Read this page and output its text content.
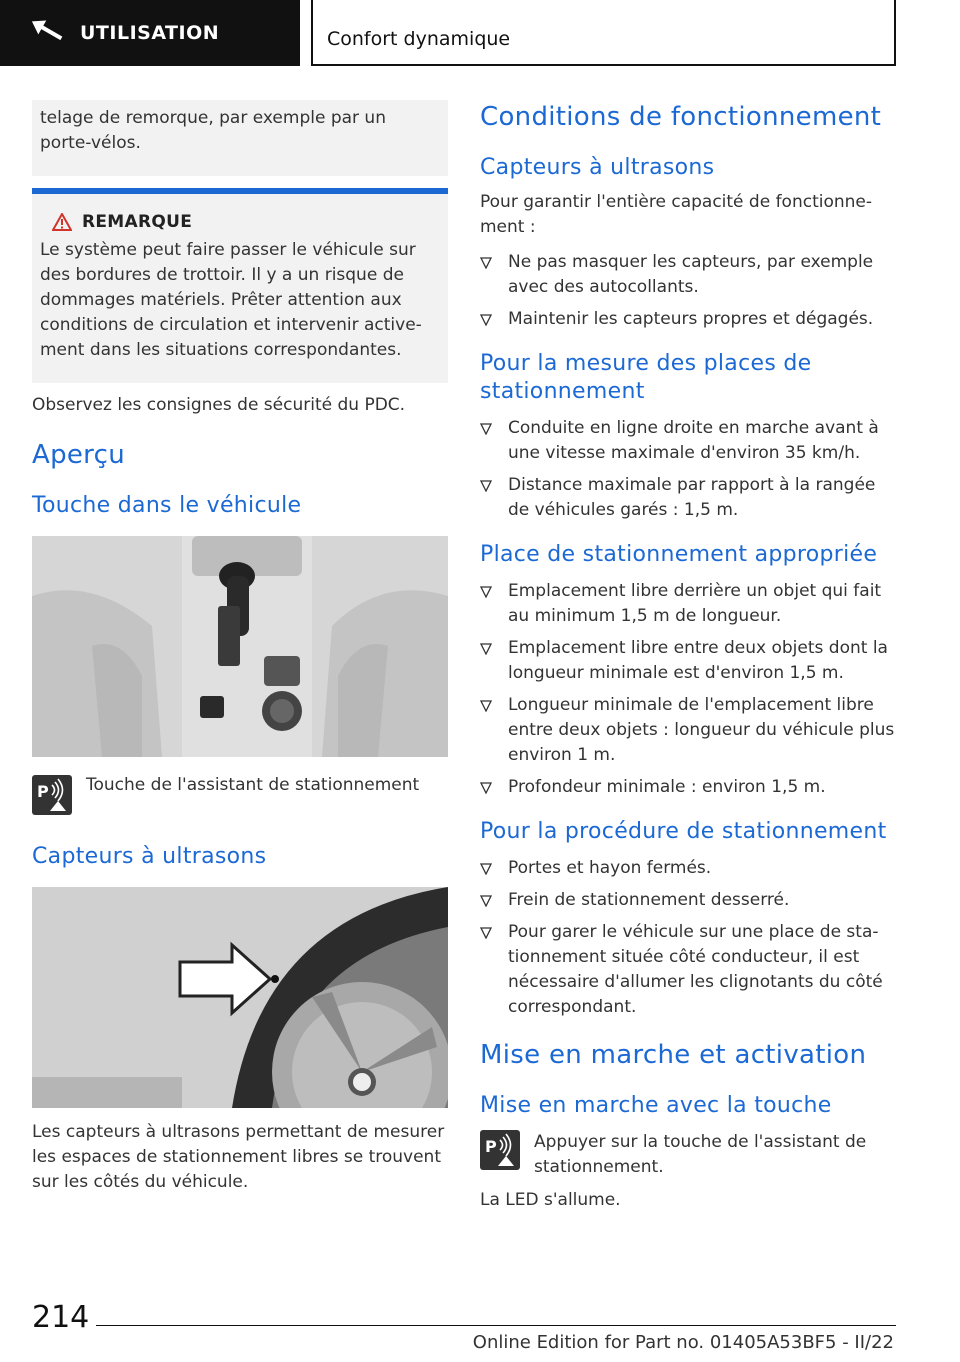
UTILISATION	Confort dynamique

telage de remorque, par exemple par un porte-vélos.

REMARQUE

Le système peut faire passer le véhicule sur des bordures de trottoir. Il y a un risque de dommages matériels. Prêter attention aux conditions de circulation et intervenir activement dans les situations correspondantes.

Observez les consignes de sécurité du PDC.

Aperçu
Touche dans le véhicule
P Touche de l'assistant de stationnement

Capteurs à ultrasons

Les capteurs à ultrasons permettant de mesurer les espaces de stationnement libres se trouvent sur les côtés du véhicule.

Conditions de fonctionnement
Capteurs à ultrasons

Pour garantir l'entière capacité de fonctionnement :

Ne pas masquer les capteurs, par exemple avec des autocollants.
Maintenir les capteurs propres et dégagés.
Pour la mesure des places de stationnement
Conduite en ligne droite en marche avant à une vitesse maximale d'environ 35 km/h.
Distance maximale par rapport à la rangée de véhicules garés : 1,5 m.
Place de stationnement appropriée
Emplacement libre derrière un objet qui fait au minimum 1,5 m de longueur.
Emplacement libre entre deux objets dont la longueur minimale est d'environ 1,5 m.
Longueur minimale de l'emplacement libre entre deux objets : longueur du véhicule plus environ 1 m.
Profondeur minimale : environ 1,5 m.
Pour la procédure de stationnement
Portes et hayon fermés.
Frein de stationnement desserré.
Pour garer le véhicule sur une place de stationnement située côté conducteur, il est nécessaire d'allumer les clignotants du côté correspondant.
Mise en marche et activation
Mise en marche avec la touche
P Appuyer sur la touche de l'assistant de stationnement.

La LED s'allume.

214
Online Edition for Part no. 01405A53BF5 - II/22
